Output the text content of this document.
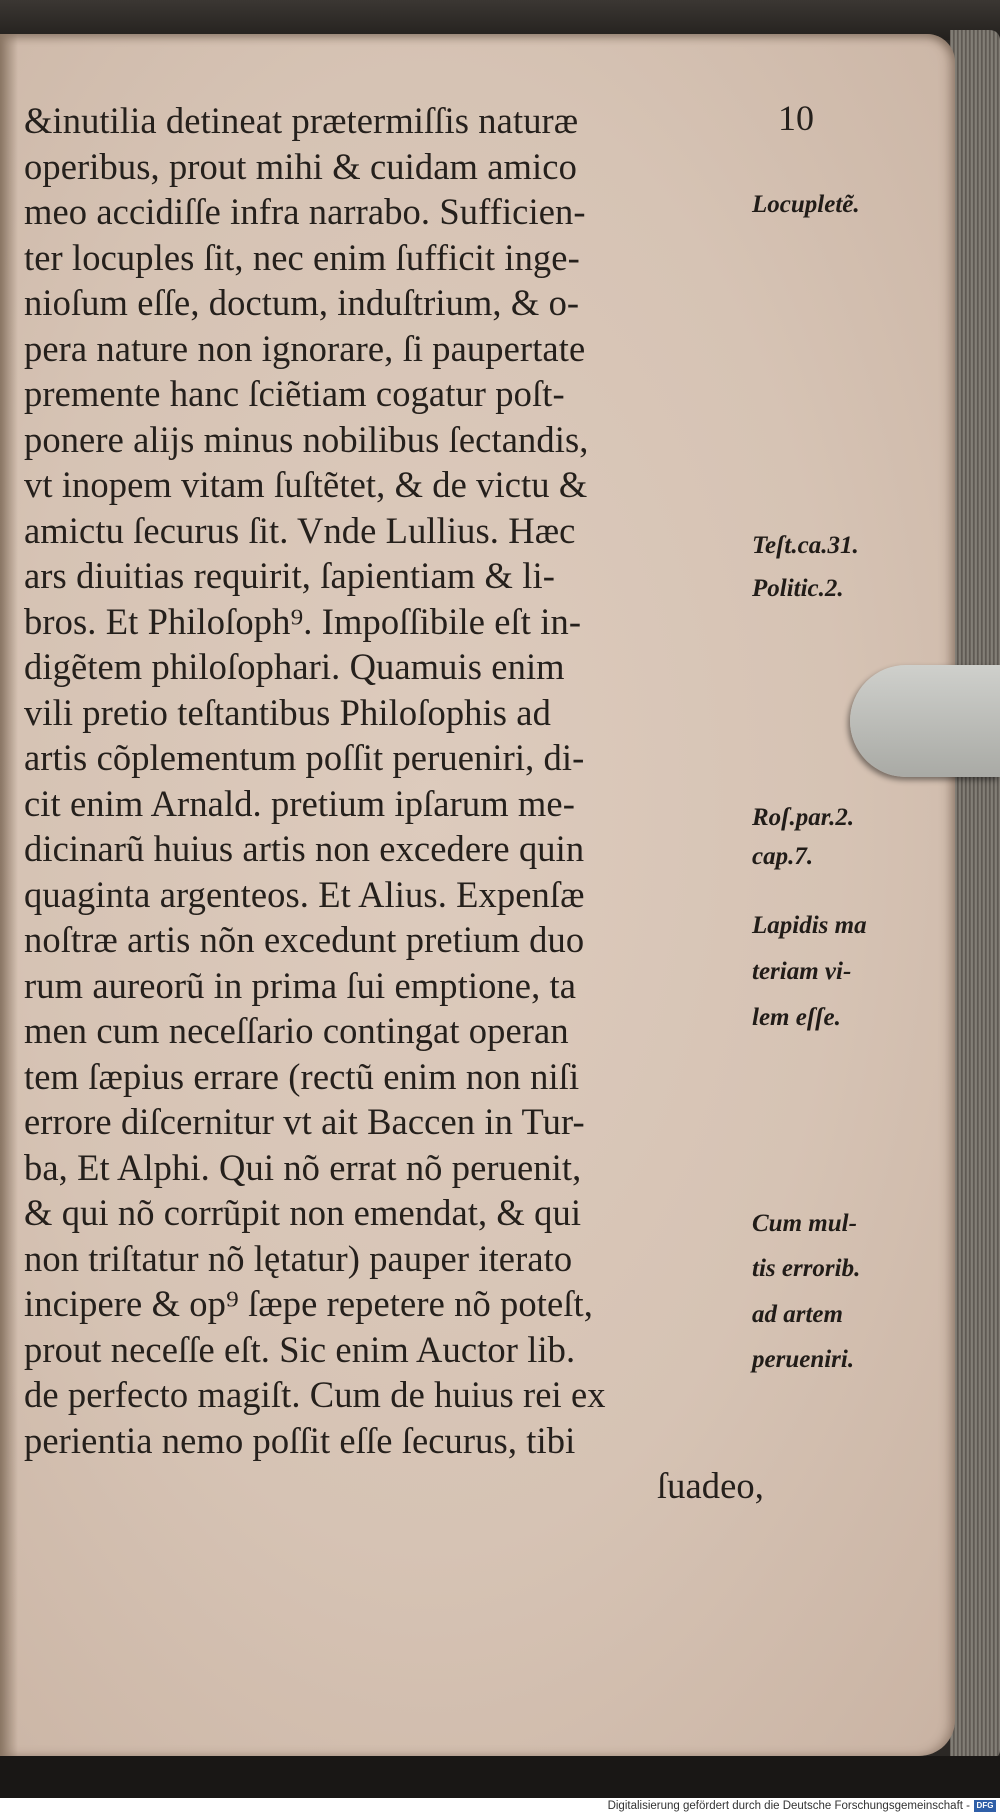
10
&inutilia detineat prætermiſſis naturæ
operibus, prout mihi & cuidam amico
meo accidiſſe infra narrabo. Sufficien-
ter locuples ſit, nec enim ſufficit inge-
nioſum eſſe, doctum, induſtrium, & o-
pera nature non ignorare, ſi paupertate
premente hanc ſciẽtiam cogatur poſt-
ponere alijs minus nobilibus ſectandis,
vt inopem vitam ſuſtẽtet, & de victu &
amictu ſecurus ſit. Vnde Lullius. Hæc
ars diuitias requirit, ſapientiam & li-
bros. Et Philoſoph⁹. Impoſſibile eſt in-
digẽtem philoſophari. Quamuis enim
vili pretio teſtantibus Philoſophis ad
artis cõplementum poſſit perueniri, di-
cit enim Arnald. pretium ipſarum me-
dicinarũ huius artis non excedere quin
quaginta argenteos. Et Alius. Expenſæ
noſtræ artis nõn excedunt pretium duo
rum aureorũ in prima ſui emptione, ta
men cum neceſſario contingat operan
tem ſæpius errare (rectũ enim non niſi
errore diſcernitur vt ait Baccen in Tur-
ba, Et Alphi. Qui nõ errat nõ peruenit,
& qui nõ corrũpit non emendat, & qui
non triſtatur nõ lętatur) pauper iterato
incipere & op⁹ ſæpe repetere nõ poteſt,
prout neceſſe eſt. Sic enim Auctor lib.
de perfecto magiſt. Cum de huius rei ex
perientia nemo poſſit eſſe ſecurus, tibi
ſuadeo,
Locupletẽ.
Teſt.ca.31.
Politic.2.
Roſ.par.2.
cap.7.
Lapidis ma
teriam vi-
lem eſſe.
Cum mul-
tis errorib.
ad artem
perueniri.
Digitalisierung gefördert durch die Deutsche Forschungsgemeinschaft - DFG
